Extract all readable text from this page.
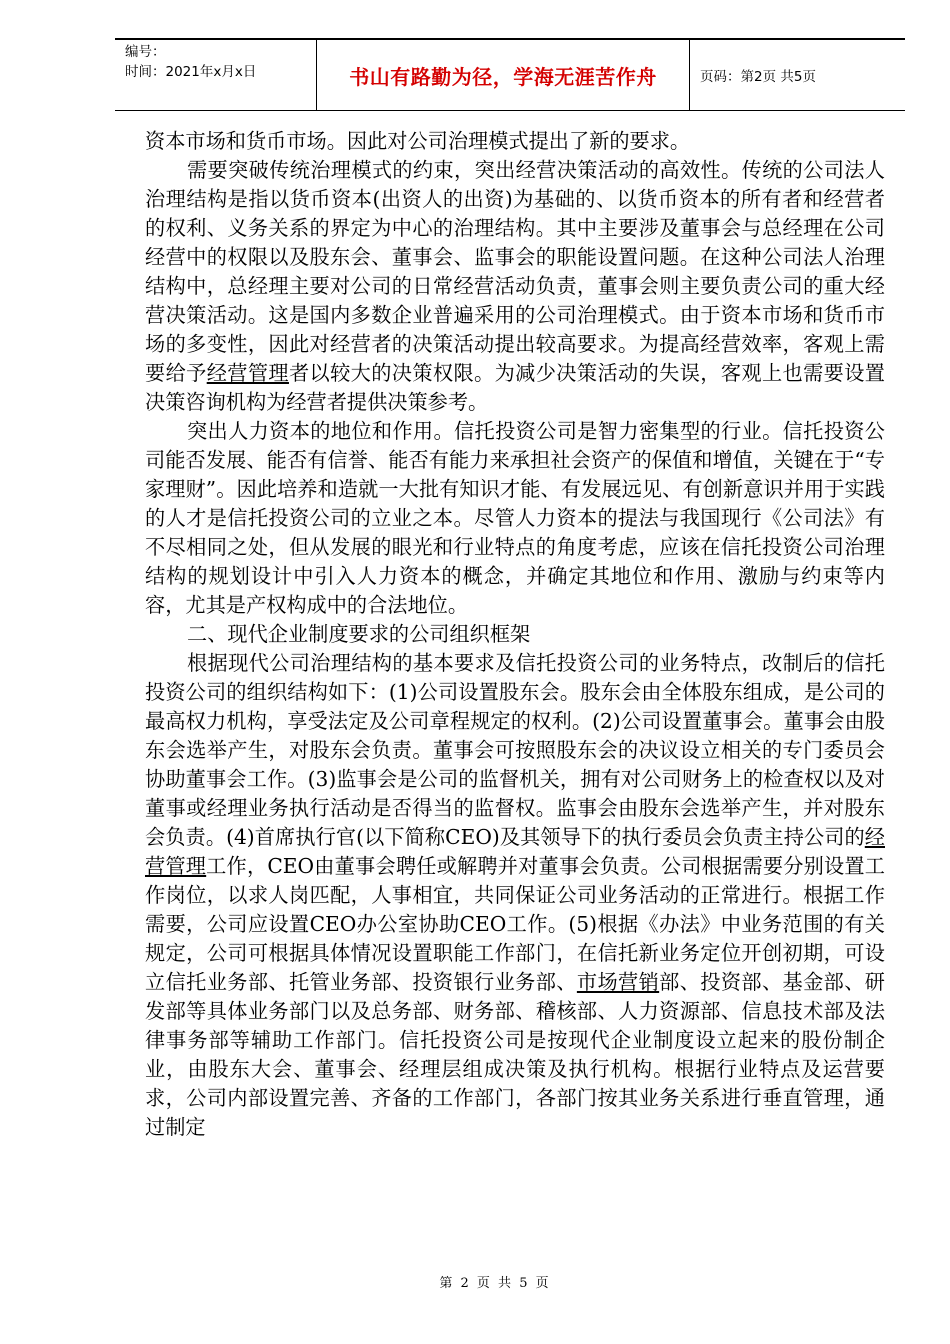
编号：
时间：2021年x月x日	书山有路勤为径，学海无涯苦作舟	页码：第2页 共5页

资本市场和货币市场。因此对公司治理模式提出了新的要求。

需要突破传统治理模式的约束，突出经营决策活动的高效性。传统的公司法人治理结构是指以货币资本(出资人的出资)为基础的、以货币资本的所有者和经营者的权利、义务关系的界定为中心的治理结构。其中主要涉及董事会与总经理在公司经营中的权限以及股东会、董事会、监事会的职能设置问题。在这种公司法人治理结构中，总经理主要对公司的日常经营活动负责，董事会则主要负责公司的重大经营决策活动。这是国内多数企业普遍采用的公司治理模式。由于资本市场和货币市场的多变性，因此对经营者的决策活动提出较高要求。为提高经营效率，客观上需要给予经营管理者以较大的决策权限。为减少决策活动的失误，客观上也需要设置决策咨询机构为经营者提供决策参考。

突出人力资本的地位和作用。信托投资公司是智力密集型的行业。信托投资公司能否发展、能否有信誉、能否有能力来承担社会资产的保值和增值，关键在于“专家理财”。因此培养和造就一大批有知识才能、有发展远见、有创新意识并用于实践的人才是信托投资公司的立业之本。尽管人力资本的提法与我国现行《公司法》有不尽相同之处，但从发展的眼光和行业特点的角度考虑，应该在信托投资公司治理结构的规划设计中引入人力资本的概念，并确定其地位和作用、激励与约束等内容，尤其是产权构成中的合法地位。

二、现代企业制度要求的公司组织框架

根据现代公司治理结构的基本要求及信托投资公司的业务特点，改制后的信托投资公司的组织结构如下：(1)公司设置股东会。股东会由全体股东组成，是公司的最高权力机构，享受法定及公司章程规定的权利。(2)公司设置董事会。董事会由股东会选举产生，对股东会负责。董事会可按照股东会的决议设立相关的专门委员会协助董事会工作。(3)监事会是公司的监督机关，拥有对公司财务上的检查权以及对董事或经理业务执行活动是否得当的监督权。监事会由股东会选举产生，并对股东会负责。(4)首席执行官(以下简称CEO)及其领导下的执行委员会负责主持公司的经营管理工作，CEO由董事会聘任或解聘并对董事会负责。公司根据需要分别设置工作岗位，以求人岗匹配，人事相宜，共同保证公司业务活动的正常进行。根据工作需要，公司应设置CEO办公室协助CEO工作。(5)根据《办法》中业务范围的有关规定，公司可根据具体情况设置职能工作部门，在信托新业务定位开创初期，可设立信托业务部、托管业务部、投资银行业务部、市场营销部、投资部、基金部、研发部等具体业务部门以及总务部、财务部、稽核部、人力资源部、信息技术部及法律事务部等辅助工作部门。信托投资公司是按现代企业制度设立起来的股份制企业，由股东大会、董事会、经理层组成决策及执行机构。根据行业特点及运营要求，公司内部设置完善、齐备的工作部门，各部门按其业务关系进行垂直管理，通过制定

第 2 页 共 5 页
